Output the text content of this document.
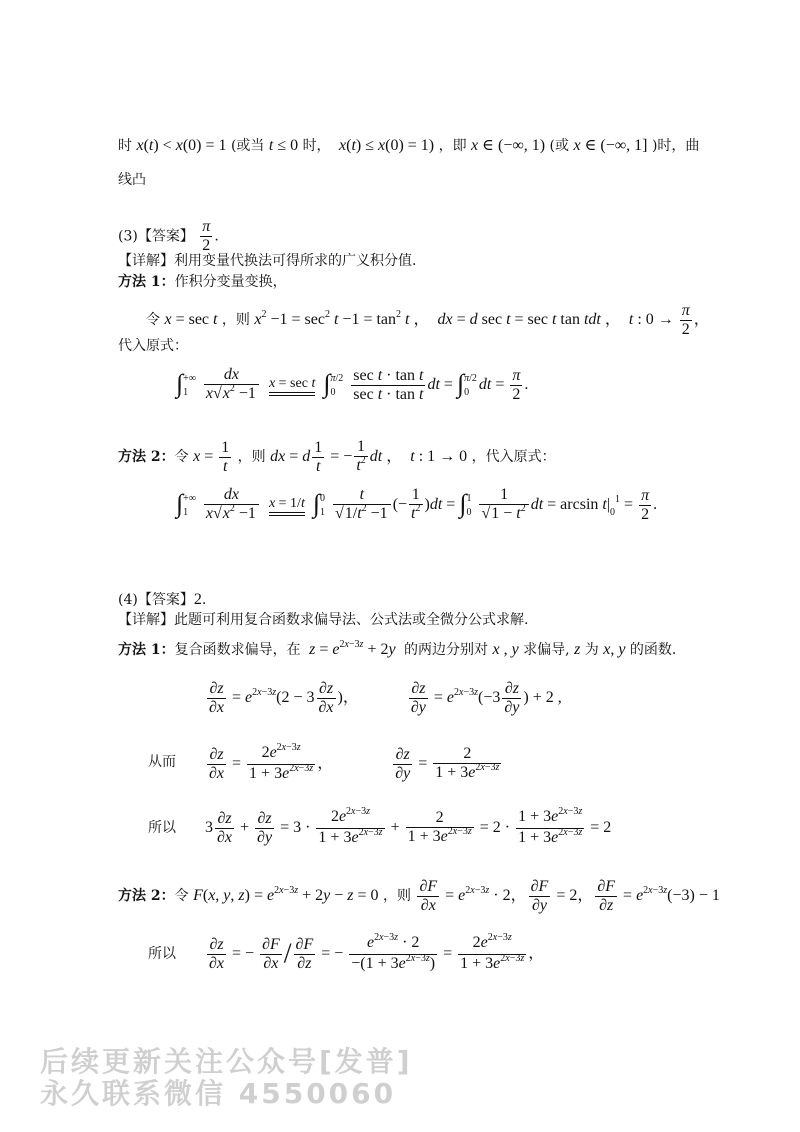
时 x(t) < x(0) = 1 (或当 t ≤ 0 时， x(t) ≤ x(0) = 1) ，即 x ∈ (−∞, 1) (或 x ∈ (−∞, 1] )时，曲
线凸
(3)【答案】 $\frac{\pi}{2}$ .
【详解】利用变量代换法可得所求的广义积分值.
方法 1：作积分变量变换，
令 x = sec t ，则 $x^2 -1 = \sec^2 t -1 = \tan^2 t$ ，  dx = d sec t = sec t tan tdt ，  t : $0 \to \frac{\pi}{2}$ ，
代入原式：
∫ +∞
1
$\frac{dx}{x√x^2 -1}$
x = sec t ∫ π/2
0
$\frac{\text{sec t · tan t}}{\text{sec t · tan t}}$ dt = ∫ π/2
0 dt = $\frac{\pi}{2}$ .
方法 2：令 $x = \frac{1}{t}$ ，则 dx = d $\frac{1}{t}$ = − $\frac{1}{t^2}$ dt ，  t : 1 → 0 ，代入原式：
∫ +∞
1
$\frac{dx}{x√x^2 -1}$
x = 1/t ∫ 0
1
$\frac{t}{√1/t^2 -1}$ (− $\frac{1}{t^2} )dt$ = ∫ 1
0
$\frac{1}{√1 - t^2}$ dt = $\arcsin t|_0^1 = \frac{\pi}{2}$ .
(4)【答案】2.
【详解】此题可利用复合函数求偏导法、公式法或全微分公式求解.
方法 1：复合函数求偏导，在 $z = e^{2x-3z} + 2y$ 的两边分别对 x , y 求偏导, z 为 x, y 的函数.
$\frac{\partial z}{\partial x} = e^{2x-3z}(2 - 3 \frac{\partial z}{\partial x}$ )，	$\frac{\partial z}{\partial y} = e^{2x-3z}(-3 \frac{\partial z}{\partial y}$ ) + 2 ,
从而 $\frac{\partial z}{\partial x} = \frac{2e^{2x-3z}}{1 + 3e^{2x-3z}}$ ，	$\frac{\partial z}{\partial y} = \frac{2}{1 + 3e^{2x-3z}}$
所以 $3 \frac{\partial z}{\partial x} + \frac{\partial z}{\partial y} = 3 \cdot \frac{2e^{2x-3z}}{1 + 3e^{2x-3z}} + \frac{2}{1 + 3e^{2x-3z}} = 2 \cdot \frac{1 + 3e^{2x-3z}}{1 + 3e^{2x-3z}} = 2$
方法 2：令 F(x, y, $z) = e^{2x-3z} + 2y - z = 0$ ，则 $\frac{\partial F}{\partial x} = e^{2x-3z} \cdot 2$， $\frac{\partial F}{\partial y} = 2$， $\frac{\partial F}{\partial z} = e^{2x-3z}(-3) - 1$
所以 $\frac{\partial z}{\partial x}$ = − $\frac{\partial F}{\partial x} / \frac{\partial F}{\partial z}$ = − $\frac{e^{2x-3z} \cdot 2}{-(1 + 3e^{2x-3z})} = \frac{2e^{2x-3z}}{1 + 3e^{2x-3z}}$ ，
后续更新关注公众号[发普]
永久联系微信 4550060
